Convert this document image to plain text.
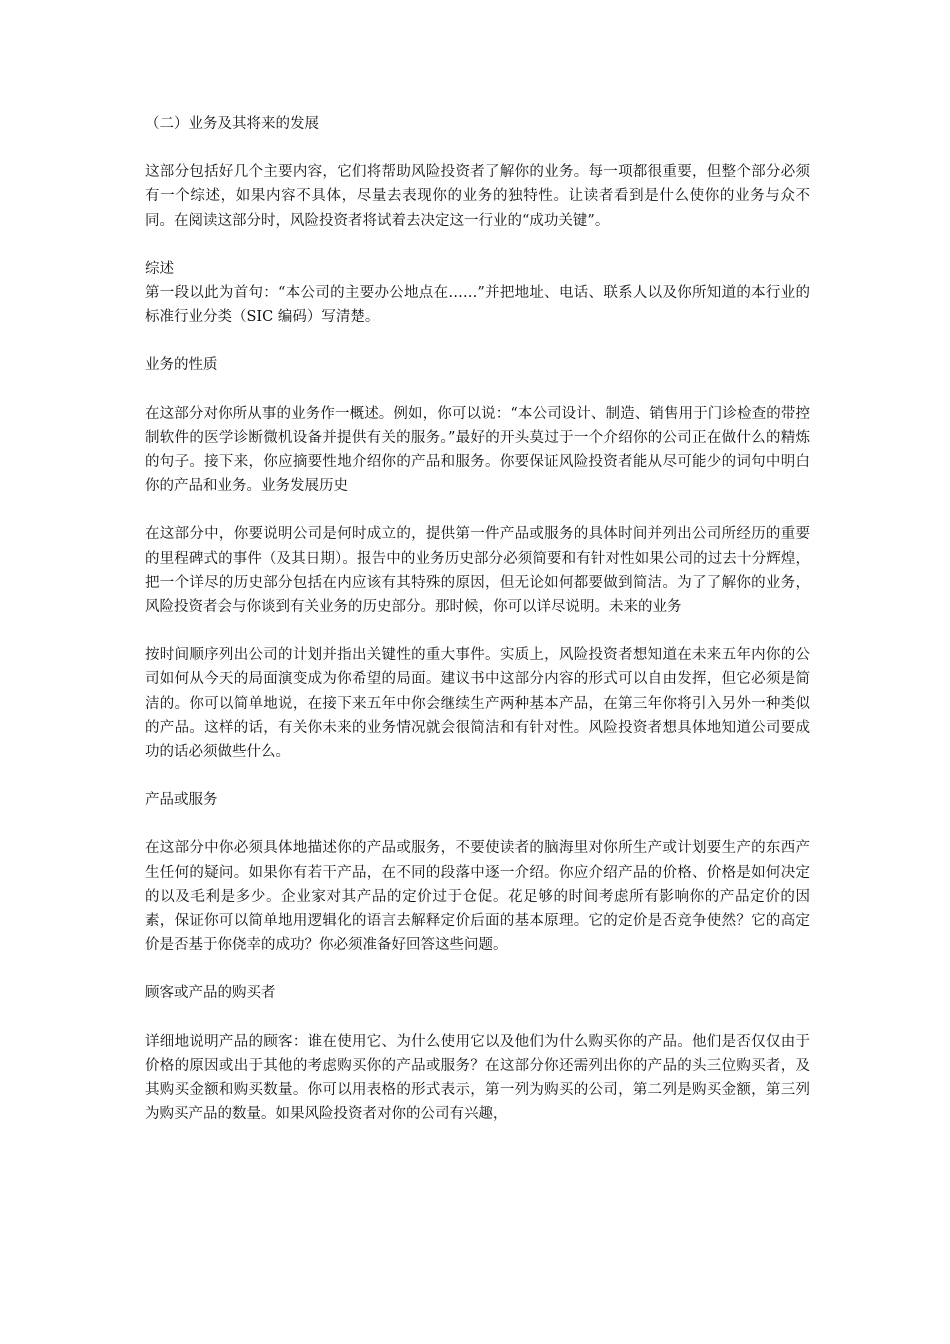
（二）业务及其将来的发展

这部分包括好几个主要内容，它们将帮助风险投资者了解你的业务。每一项都很重要，但整个部分必须有一个综述，如果内容不具体，尽量去表现你的业务的独特性。让读者看到是什么使你的业务与众不同。在阅读这部分时，风险投资者将试着去决定这一行业的“成功关键”。

综述

第一段以此为首句：“本公司的主要办公地点在……”并把地址、电话、联系人以及你所知道的本行业的标准行业分类（SIC 编码）写清楚。

业务的性质

在这部分对你所从事的业务作一概述。例如，你可以说：“本公司设计、制造、销售用于门诊检查的带控制软件的医学诊断微机设备并提供有关的服务。”最好的开头莫过于一个介绍你的公司正在做什么的精炼的句子。接下来，你应摘要性地介绍你的产品和服务。你要保证风险投资者能从尽可能少的词句中明白你的产品和业务。业务发展历史

在这部分中，你要说明公司是何时成立的，提供第一件产品或服务的具体时间并列出公司所经历的重要的里程碑式的事件（及其日期）。报告中的业务历史部分必须简要和有针对性如果公司的过去十分辉煌，把一个详尽的历史部分包括在内应该有其特殊的原因，但无论如何都要做到简洁。为了了解你的业务，风险投资者会与你谈到有关业务的历史部分。那时候，你可以详尽说明。未来的业务

按时间顺序列出公司的计划并指出关键性的重大事件。实质上，风险投资者想知道在未来五年内你的公司如何从今天的局面演变成为你希望的局面。建议书中这部分内容的形式可以自由发挥，但它必须是简洁的。你可以简单地说，在接下来五年中你会继续生产两种基本产品，在第三年你将引入另外一种类似的产品。这样的话，有关你未来的业务情况就会很简洁和有针对性。风险投资者想具体地知道公司要成功的话必须做些什么。

产品或服务

在这部分中你必须具体地描述你的产品或服务，不要使读者的脑海里对你所生产或计划要生产的东西产生任何的疑问。如果你有若干产品，在不同的段落中逐一介绍。你应介绍产品的价格、价格是如何决定的以及毛利是多少。企业家对其产品的定价过于仓促。花足够的时间考虑所有影响你的产品定价的因素，保证你可以简单地用逻辑化的语言去解释定价后面的基本原理。它的定价是否竞争使然？它的高定价是否基于你侥幸的成功？你必须准备好回答这些问题。

顾客或产品的购买者

详细地说明产品的顾客：谁在使用它、为什么使用它以及他们为什么购买你的产品。他们是否仅仅由于价格的原因或出于其他的考虑购买你的产品或服务？在这部分你还需列出你的产品的头三位购买者，及其购买金额和购买数量。你可以用表格的形式表示，第一列为购买的公司，第二列是购买金额，第三列为购买产品的数量。如果风险投资者对你的公司有兴趣，
